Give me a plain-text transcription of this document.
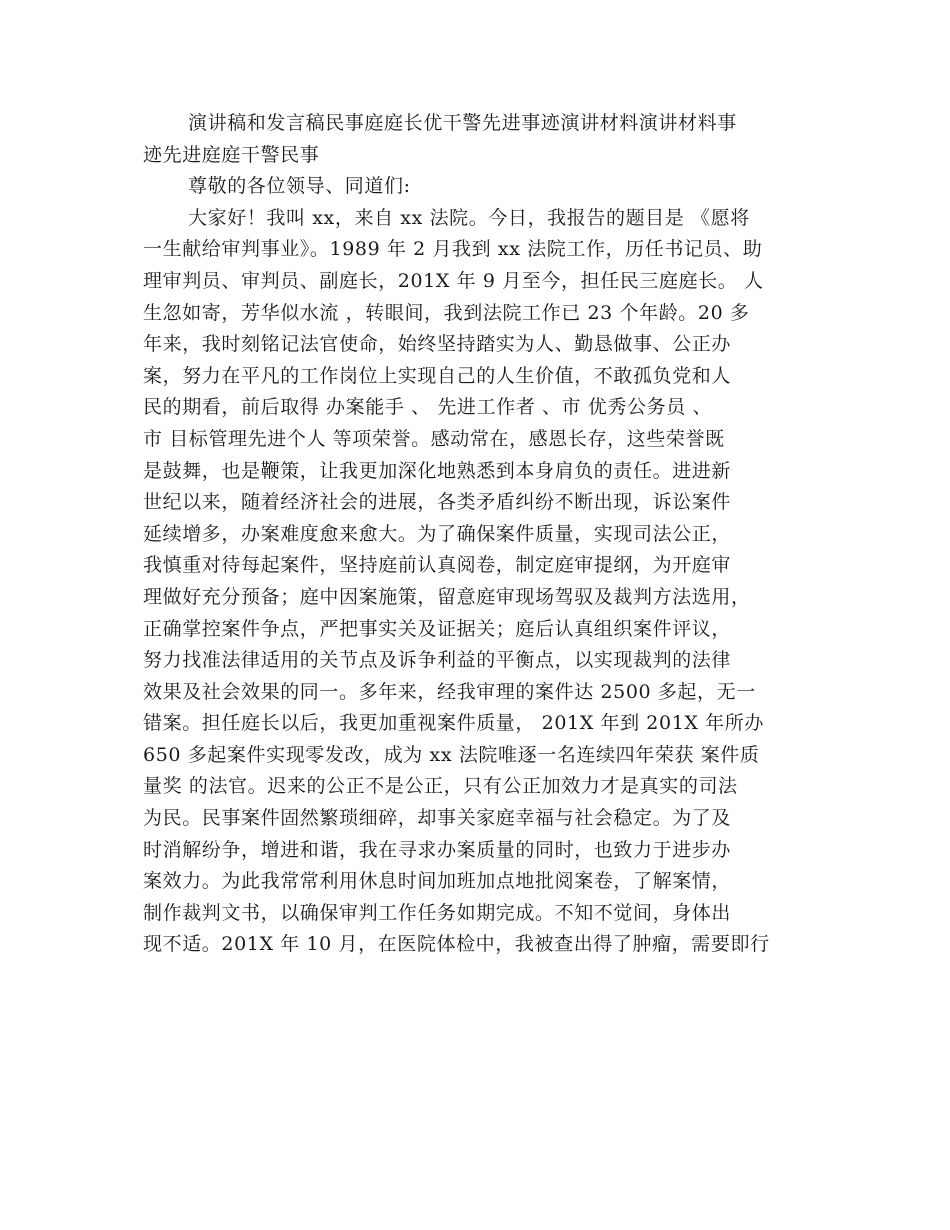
演讲稿和发言稿民事庭庭长优干警先进事迹演讲材料演讲材料事
迹先进庭庭干警民事
尊敬的各位领导、同道们:
大家好！我叫 xx，来自 xx 法院。今日，我报告的题目是 《愿将
一生献给审判事业》。1989 年 2 月我到 xx 法院工作，历任书记员、助
理审判员、审判员、副庭长，201X 年 9 月至今，担任民三庭庭长。 人
生忽如寄，芳华似水流 ，转眼间，我到法院工作已 23 个年龄。20 多
年来，我时刻铭记法官使命，始终坚持踏实为人、勤恳做事、公正办
案，努力在平凡的工作岗位上实现自己的人生价值，不敢孤负党和人
民的期看，前后取得 办案能手 、 先进工作者 、市 优秀公务员 、
市 目标管理先进个人 等项荣誉。感动常在，感恩长存，这些荣誉既
是鼓舞，也是鞭策，让我更加深化地熟悉到本身肩负的责任。进进新
世纪以来，随着经济社会的进展，各类矛盾纠纷不断出现，诉讼案件
延续增多，办案难度愈来愈大。为了确保案件质量，实现司法公正，
我慎重对待每起案件，坚持庭前认真阅卷，制定庭审提纲，为开庭审
理做好充分预备；庭中因案施策，留意庭审现场驾驭及裁判方法选用，
正确掌控案件争点，严把事实关及证据关；庭后认真组织案件评议，
努力找准法律适用的关节点及诉争利益的平衡点，以实现裁判的法律
效果及社会效果的同一。多年来，经我审理的案件达 2500 多起，无一
错案。担任庭长以后，我更加重视案件质量， 201X 年到 201X 年所办
650 多起案件实现零发改，成为 xx 法院唯逐一名连续四年荣获 案件质
量奖 的法官。迟来的公正不是公正，只有公正加效力才是真实的司法
为民。民事案件固然繁琐细碎，却事关家庭幸福与社会稳定。为了及
时消解纷争，增进和谐，我在寻求办案质量的同时，也致力于进步办
案效力。为此我常常利用休息时间加班加点地批阅案卷，了解案情，
制作裁判文书，以确保审判工作任务如期完成。不知不觉间，身体出
现不适。201X 年 10 月，在医院体检中，我被查出得了肿瘤，需要即行
